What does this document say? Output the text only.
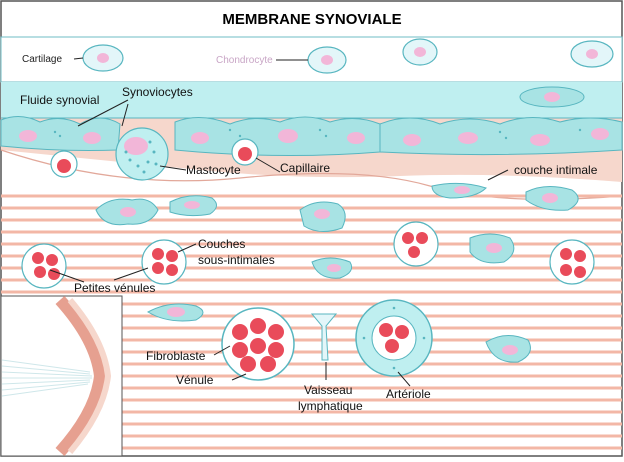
MEMBRANE SYNOVIALE
Cartilage	Chondrocyte
Fluide synovial
Synoviocytes
Mastocyte	Capillaire	couche intimale
Couches
sous-intimales
Petites vénules
Fibroblaste
Vénule
Vaisseau
lymphatique
Artériole
